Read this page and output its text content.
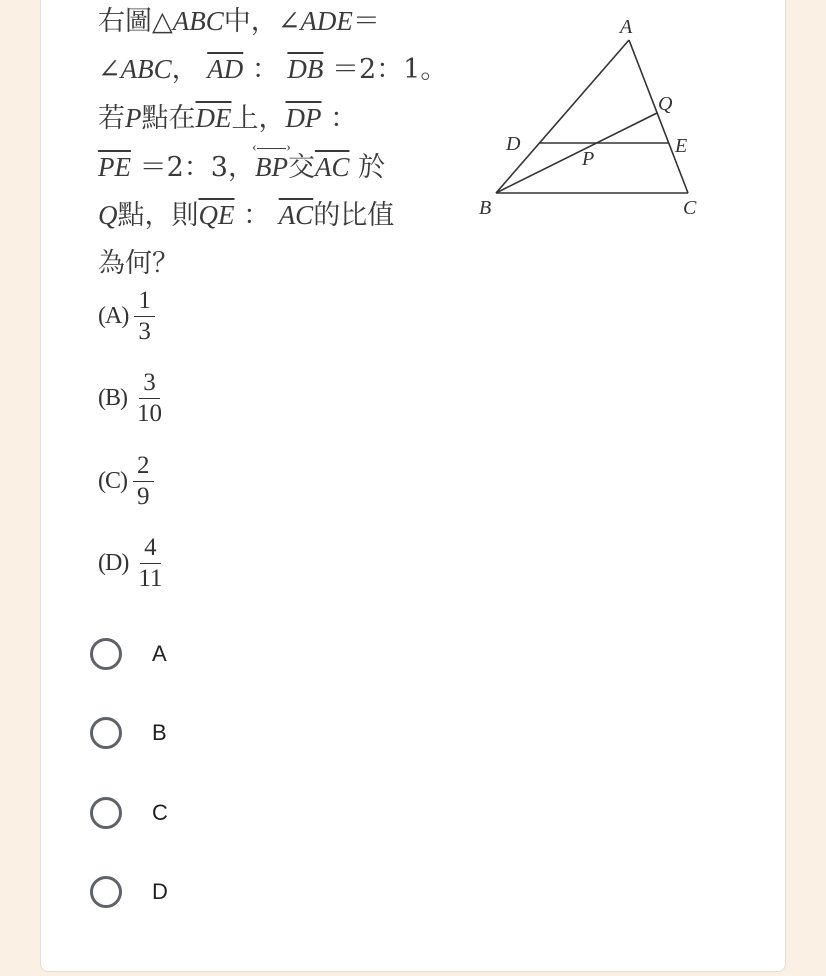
右圖△ABC中，∠ADE＝
∠ABC， $\overline{AD}$ ： $\overline{DB} =2$：1。
若P點在$\overline{DE}$上，$\overline{DP}$ ：
$\overline{PE} =2$：3，
‹
BP
›
交$\overline{AC}$ 於
Q點，則$\overline{QE}$ ： $\overline{AC}$的比值
為何？
A
B	C
D	E
P
Q
$(A) \frac{1}{3}$
$(B) \frac{3}{10}$
$(C) \frac{2}{9}$
$(D) \frac{4}{11}$
A
B
C
D
